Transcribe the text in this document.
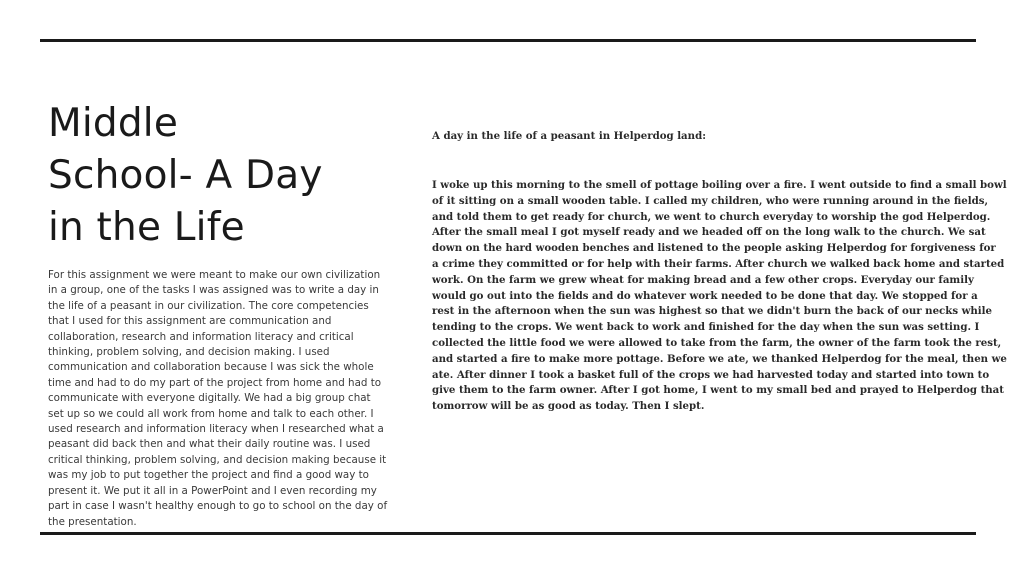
Middle
School- A Day
in the Life
For this assignment we were meant to make our own civilization
in a group, one of the tasks I was assigned was to write a day in
the life of a peasant in our civilization. The core competencies
that I used for this assignment are communication and
collaboration, research and information literacy and critical
thinking, problem solving, and decision making. I used
communication and collaboration because I was sick the whole
time and had to do my part of the project from home and had to
communicate with everyone digitally. We had a big group chat
set up so we could all work from home and talk to each other. I
used research and information literacy when I researched what a
peasant did back then and what their daily routine was. I used
critical thinking, problem solving, and decision making because it
was my job to put together the project and find a good way to
present it. We put it all in a PowerPoint and I even recording my
part in case I wasn't healthy enough to go to school on the day of
the presentation.

A day in the life of a peasant in Helperdog land:

I woke up this morning to the smell of pottage boiling over a fire. I went outside to find a small bowl
of it sitting on a small wooden table. I called my children, who were running around in the fields,
and told them to get ready for church, we went to church everyday to worship the god Helperdog.
After the small meal I got myself ready and we headed off on the long walk to the church. We sat
down on the hard wooden benches and listened to the people asking Helperdog for forgiveness for
a crime they committed or for help with their farms. After church we walked back home and started
work. On the farm we grew wheat for making bread and a few other crops. Everyday our family
would go out into the fields and do whatever work needed to be done that day. We stopped for a
rest in the afternoon when the sun was highest so that we didn't burn the back of our necks while
tending to the crops. We went back to work and finished for the day when the sun was setting. I
collected the little food we were allowed to take from the farm, the owner of the farm took the rest,
and started a fire to make more pottage. Before we ate, we thanked Helperdog for the meal, then we
ate. After dinner I took a basket full of the crops we had harvested today and started into town to
give them to the farm owner. After I got home, I went to my small bed and prayed to Helperdog that
tomorrow will be as good as today. Then I slept.
